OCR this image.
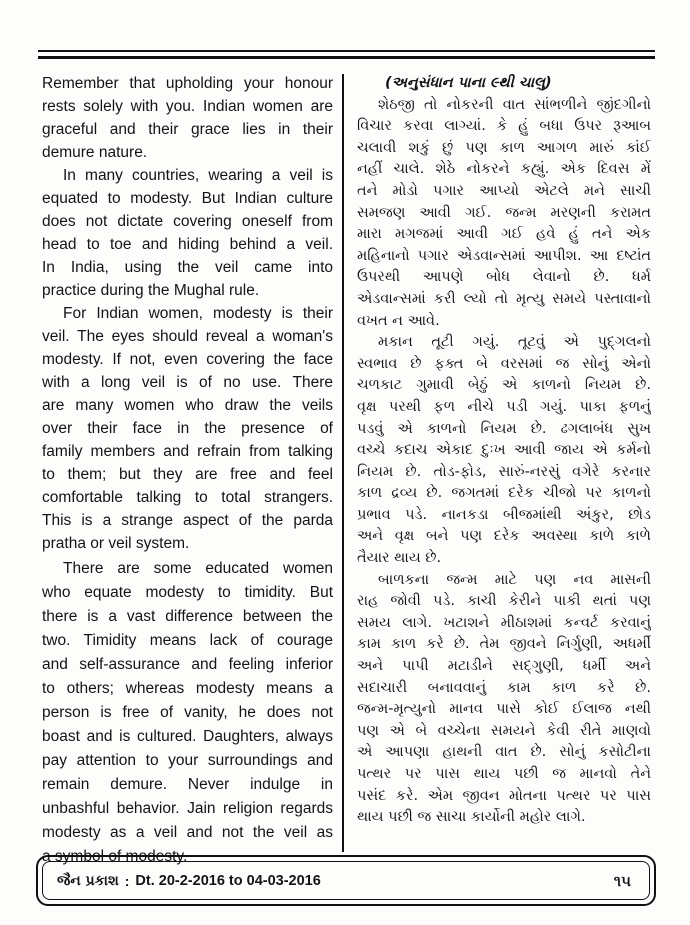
Remember that upholding your honour
rests solely with you. Indian women are
graceful and their grace lies in their
demure nature.
In many countries, wearing a veil is
equated to modesty. But Indian culture
does not dictate covering oneself from
head to toe and hiding behind a veil.
In India, using the veil came into
practice during the Mughal rule.
For Indian women, modesty is their
veil. The eyes should reveal a woman's
modesty. If not, even covering the face
with a long veil is of no use. There
are many women who draw the veils
over their face in the presence of
family members and refrain from talking
to them; but they are free and feel
comfortable talking to total strangers.
This is a strange aspect of the parda
pratha or veil system.
There are some educated women
who equate modesty to timidity. But
there is a vast difference between the
two. Timidity means lack of courage
and self-assurance and feeling inferior
to others; whereas modesty means a
person is free of vanity, he does not
boast and is cultured. Daughters, always
pay attention to your surroundings and
remain demure. Never indulge in
unbashful behavior. Jain religion regards
modesty as a veil and not the veil as
a symbol of modesty.
(અનુસંધાન પાના ૯થી ચાલુ)
શેઠજી તો નોકરની વાત સાંભળીને જીંદગીનો
વિચાર કરવા લાગ્યાં. કે હું બધા ઉપર રૂઆબ
ચલાવી શકું છું પણ કાળ આગળ મારું કાંઈ
નહીં ચાલે. શેઠે નોકરને કહ્યું. એક દિવસ મેં
તને મોડો પગાર આપ્યો એટલે મને સાચી
સમજણ આવી ગઈ. જન્મ મરણની કરામત
મારા મગજમાં આવી ગઈ હવે હું તને એક
મહિનાનો પગાર એડવાન્સમાં આપીશ. આ દષ્ટાંત
ઉપરથી આપણે બોધ લેવાનો છે. ધર્મ
એડવાન્સમાં કરી લ્યો તો મૃત્યુ સમયે પસ્તાવાનો
વખત ન આવે.
મકાન તૂટી ગયું. તૂટવું એ પુદ્ગલનો
સ્વભાવ છે ફક્ત બે વરસમાં જ સોનું એનો
ચળકાટ ગુમાવી બેઠું એ કાળનો નિયમ છે.
વૃક્ષ પરથી ફળ નીચે પડી ગયું. પાકા ફળનું
પડવું એ કાળનો નિયમ છે. ઢગલાબંધ સુખ
વચ્ચે કદાચ એકાદ દુઃખ આવી જાય એ કર્મનો
નિયમ છે. તોડ-ફોડ, સારું-નરસું વગેરે કરનાર
કાળ દ્રવ્ય છે. જગતમાં દરેક ચીજો પર કાળનો
પ્રભાવ પડે. નાનકડા બીજમાંથી અંકુર, છોડ
અને વૃક્ષ બને પણ દરેક અવસ્થા કાળે કાળે
તૈયાર થાય છે.
બાળકના જન્મ માટે પણ નવ માસની
રાહ જોવી પડે. કાચી કેરીને પાકી થતાં પણ
સમય લાગે. ખટાશને મીઠાશમાં કન્વર્ટ કરવાનું
કામ કાળ કરે છે. તેમ જીવને નિર્ગુણી, અધર્મી
અને પાપી મટાડીને સદ્ગુણી, ધર્મી અને
સદાચારી બનાવવાનું કામ કાળ કરે છે.
જન્મ-મૃત્યુનો માનવ પાસે કોઈ ઈલાજ નથી
પણ એ બે વચ્ચેના સમયને કેવી રીતે માણવો
એ આપણા હાથની વાત છે. સોનું કસોટીના
પત્થર પર પાસ થાય પછી જ માનવો તેને
પસંદ કરે. એમ જીવન મોતના પત્થર પર પાસ
થાય પછી જ સાચા કાર્યોની મહોર લાગે.
જૈન પ્રકાશ : Dt. 20-2-2016 to 04-03-2016	૧૫
